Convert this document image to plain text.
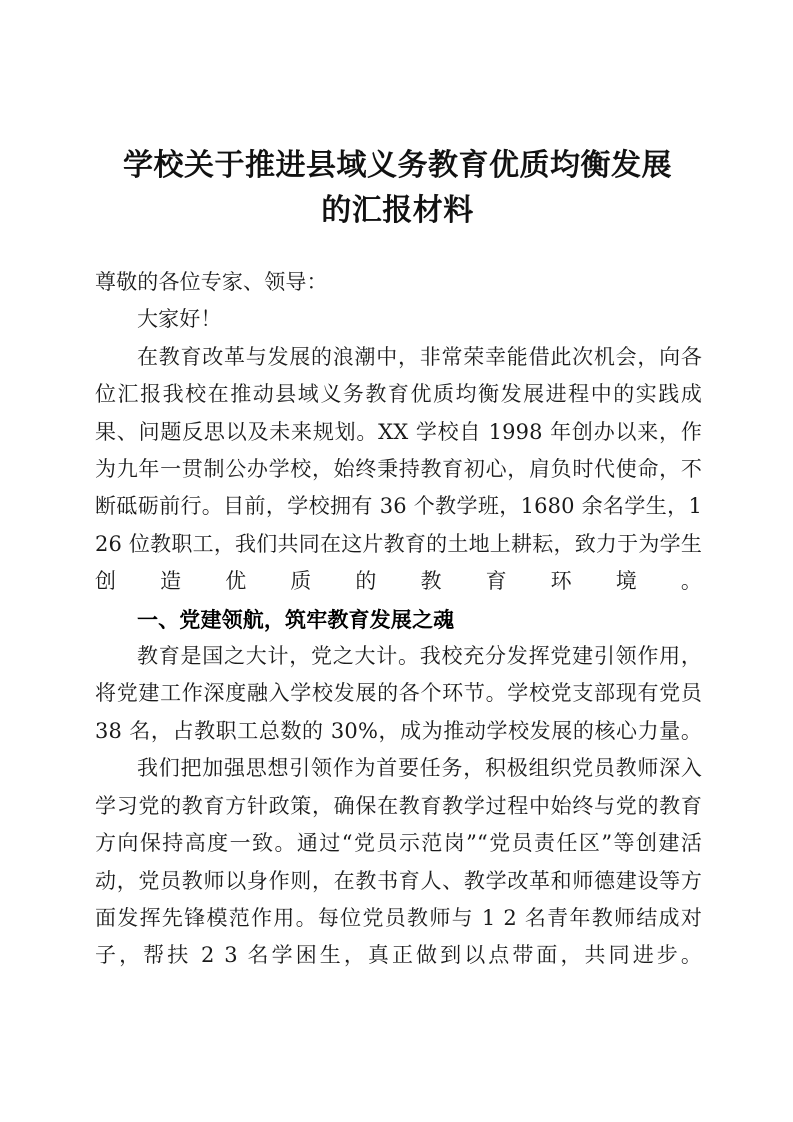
学校关于推进县域义务教育优质均衡发展
的汇报材料

尊敬的各位专家、领导：

大家好！

在教育改革与发展的浪潮中，非常荣幸能借此次机会，向各位汇报我校在推动县域义务教育优质均衡发展进程中的实践成果、问题反思以及未来规划。XX 学校自 1998 年创办以来，作为九年一贯制公办学校，始终秉持教育初心，肩负时代使命，不断砥砺前行。目前，学校拥有 36 个教学班，1680 余名学生，126 位教职工，我们共同在这片教育的土地上耕耘，致力于为学生创造优质的教育环境。

一、党建领航，筑牢教育发展之魂

教育是国之大计，党之大计。我校充分发挥党建引领作用，将党建工作深度融入学校发展的各个环节。学校党支部现有党员 38 名，占教职工总数的 30%，成为推动学校发展的核心力量。

我们把加强思想引领作为首要任务，积极组织党员教师深入学习党的教育方针政策，确保在教育教学过程中始终与党的教育方向保持高度一致。通过“党员示范岗”“党员责任区”等创建活动，党员教师以身作则，在教书育人、教学改革和师德建设等方面发挥先锋模范作用。每位党员教师与 1 2 名青年教师结成对子，帮扶 2 3 名学困生，真正做到以点带面，共同进步。
